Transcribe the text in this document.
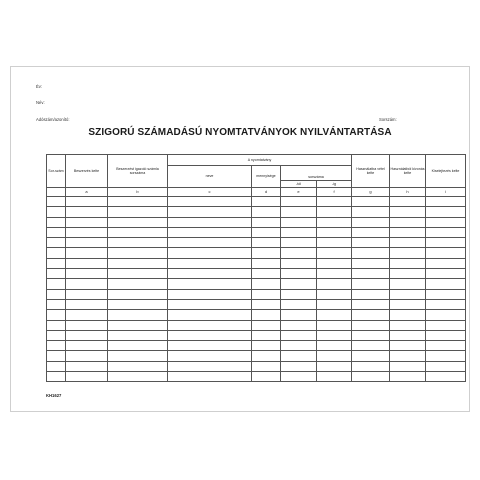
Év:
Név:
Adószám/azonító:	Sorszám:
SZIGORÚ SZÁMADÁSÚ NYOMTATVÁNYOK NYILVÁNTARTÁSA
Sor-szám	Beszerzés kelte	Beszerzést igazoló számla sorszáma	A nyomtatvány				Használatba vétel kelte	Használatból kivonás kelte	Kiselejtezés kelte
			neve	mennyisége					
					sorszáma				
					-tól	-ig			
	a	b	c	d	e	f	g	h	i

KH1627
